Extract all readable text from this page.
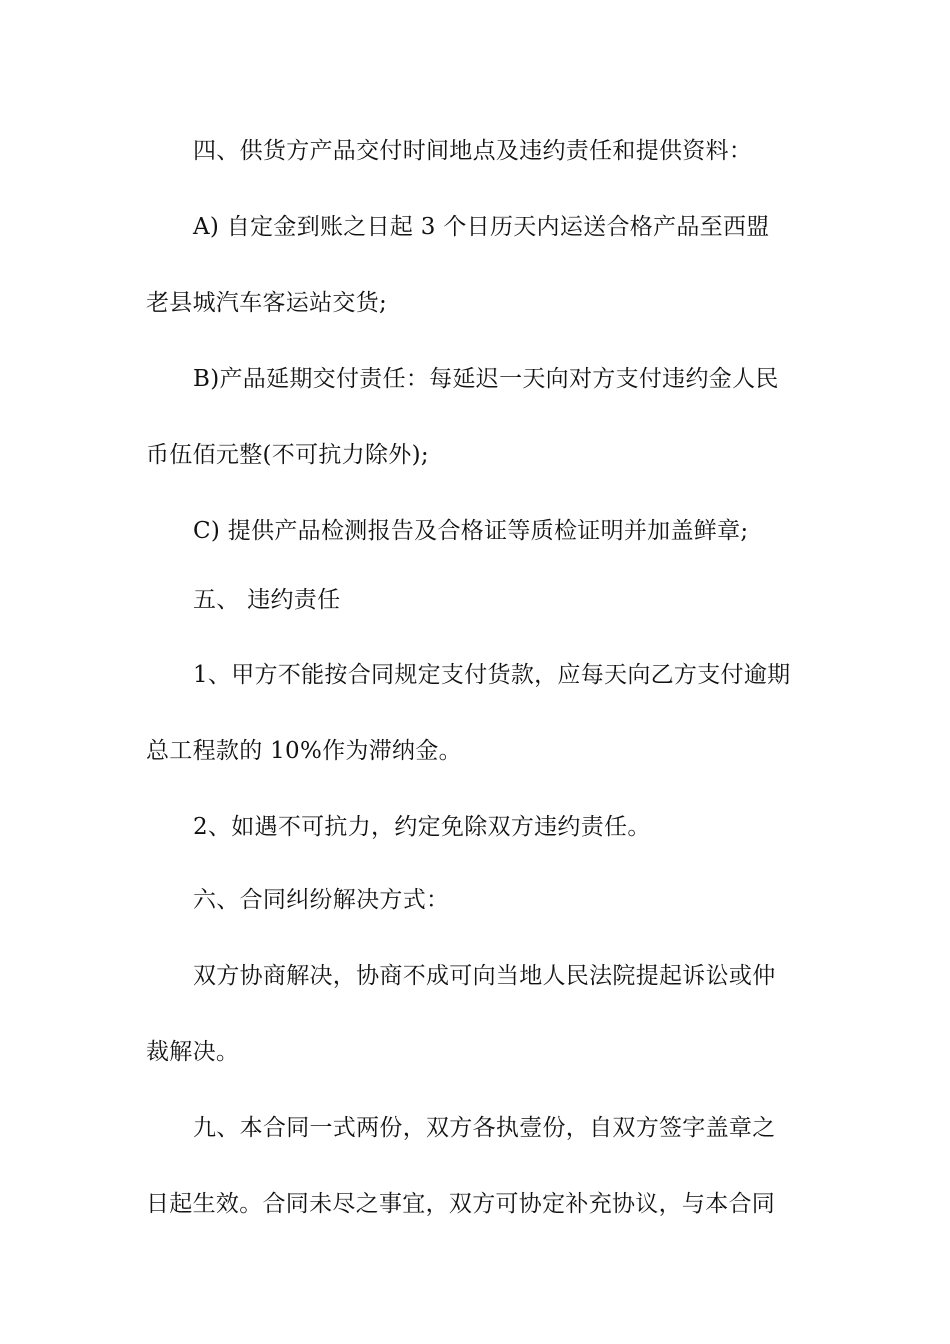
四、供货方产品交付时间地点及违约责任和提供资料：
A) 自定金到账之日起 3 个日历天内运送合格产品至西盟
老县城汽车客运站交货;
B)产品延期交付责任：每延迟一天向对方支付违约金人民
币伍佰元整(不可抗力除外);
C) 提供产品检测报告及合格证等质检证明并加盖鲜章;
五、 违约责任
1、甲方不能按合同规定支付货款，应每天向乙方支付逾期
总工程款的 10%作为滞纳金。
2、如遇不可抗力，约定免除双方违约责任。
六、合同纠纷解决方式：
双方协商解决，协商不成可向当地人民法院提起诉讼或仲
裁解决。
九、本合同一式两份，双方各执壹份，自双方签字盖章之
日起生效。合同未尽之事宜，双方可协定补充协议，与本合同
